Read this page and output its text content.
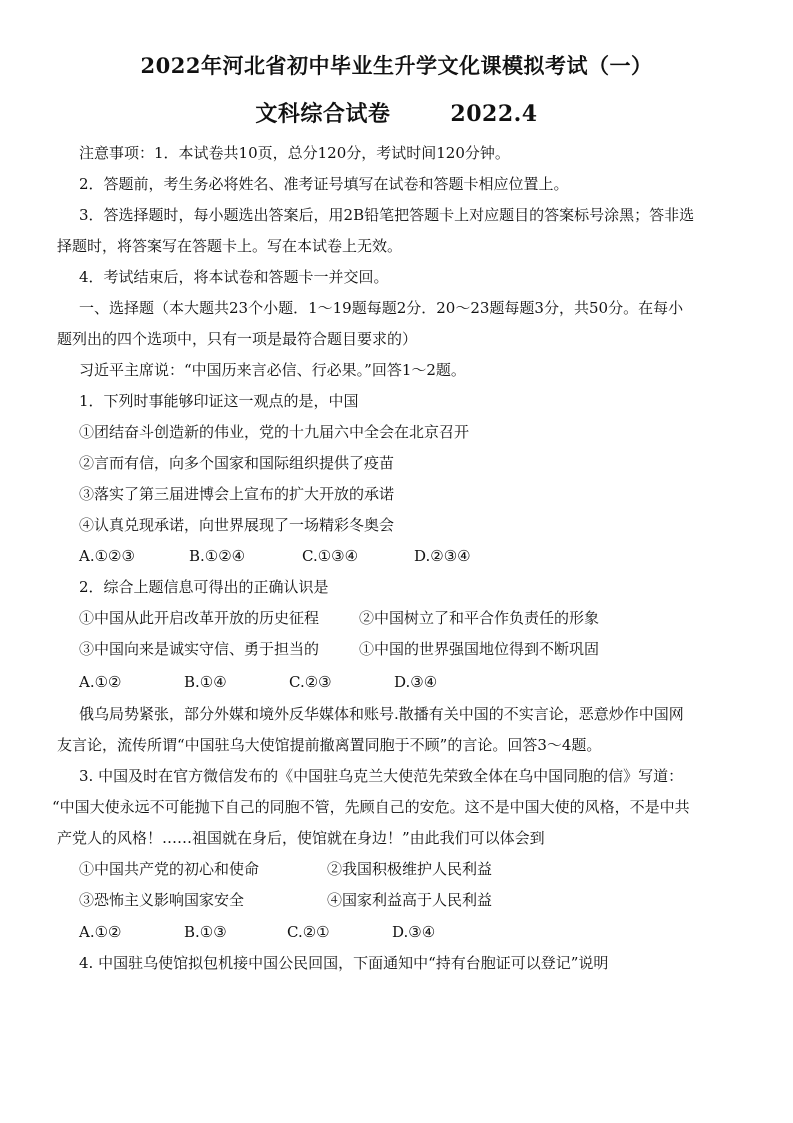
2022年河北省初中毕业生升学文化课模拟考试（一）
文科综合试卷	2022.4
注意事项：1．本试卷共10页，总分120分，考试时间120分钟。
2．答题前，考生务必将姓名、准考证号填写在试卷和答题卡相应位置上。
3．答选择题时，每小题选出答案后，用2B铅笔把答题卡上对应题目的答案标号涂黑；答非选
择题时，将答案写在答题卡上。写在本试卷上无效。
4．考试结束后，将本试卷和答题卡一并交回。
一、选择题（本大题共23个小题．1～19题每题2分．20～23题每题3分，共50分。在每小
题列出的四个选项中，只有一项是最符合题目要求的）
习近平主席说：“中国历来言必信、行必果。”回答1～2题。
1．下列时事能够印证这一观点的是，中国
①团结奋斗创造新的伟业，党的十九届六中全会在北京召开
②言而有信，向多个国家和国际组织提供了疫苗
③落实了第三届进博会上宣布的扩大开放的承诺
④认真兑现承诺，向世界展现了一场精彩冬奥会
A.①②③	B.①②④	C.①③④	D.②③④
2．综合上题信息可得出的正确认识是
①中国从此开启改革开放的历史征程	②中国树立了和平合作负责任的形象
③中国向来是诚实守信、勇于担当的	①中国的世界强国地位得到不断巩固
A.①②	B.①④	C.②③	D.③④
俄乌局势紧张，部分外媒和境外反华媒体和账号.散播有关中国的不实言论，恶意炒作中国网
友言论，流传所谓“中国驻乌大使馆提前撤离置同胞于不顾”的言论。回答3～4题。
3. 中国及时在官方微信发布的《中国驻乌克兰大使范先荣致全体在乌中国同胞的信》写道：
“中国大使永远不可能抛下自己的同胞不管，先顾自己的安危。这不是中国大使的风格，不是中共
产党人的风格！……祖国就在身后，使馆就在身边！”由此我们可以体会到
①中国共产党的初心和使命	②我国积极维护人民利益
③恐怖主义影响国家安全	④国家利益高于人民利益
A.①②	B.①③	C.②①	D.③④
4. 中国驻乌使馆拟包机接中国公民回国，下面通知中“持有台胞证可以登记”说明
